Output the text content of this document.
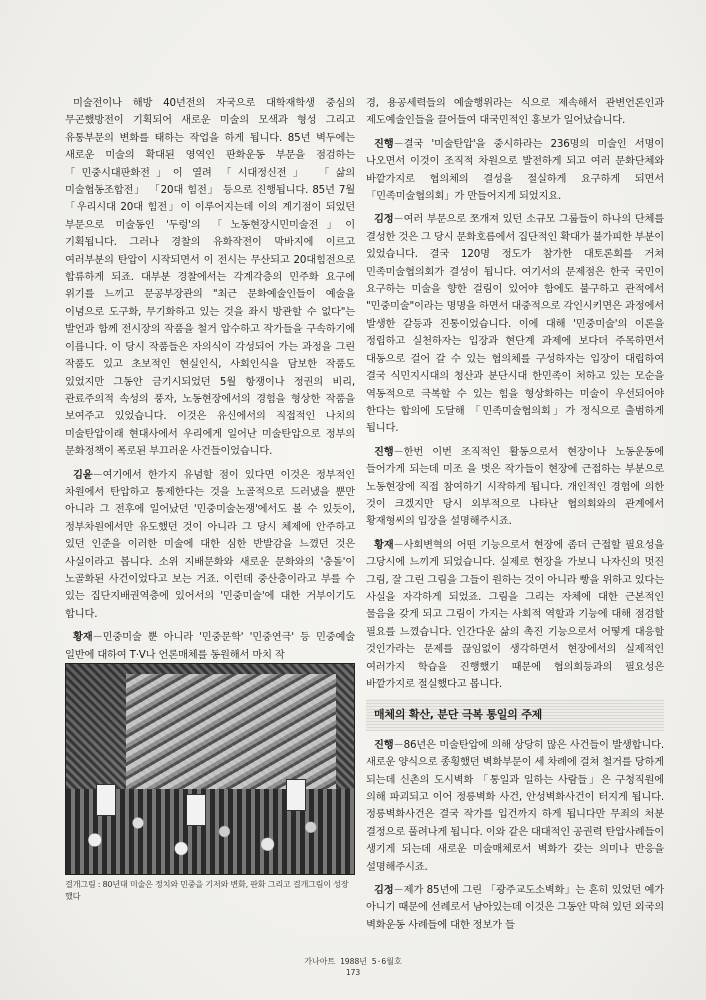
미술전이나 해방 40년전의 자국으로 대학재학생 중심의 무곤했방전이 기획되어 새로운 미술의 모색과 형성 그리고 유통부문의 변화를 태하는 작업을 하게 됩니다. 85년 벽두에는 새로운 미술의 확대된 영역인 판화운동 부문을 점검하는 「민중시대판화전」이 열려 「시대정신전」 「삶의 미술협동조합전」 「20대 힘전」 등으로 진행됩니다. 85년 7월 「우리시대 20대 힘전」이 이루어지는데 이의 계기점이 되었던 부문으로 미술동인 '두렁'의 「노동현장시민미술전」이 기획됩니다. 그러나 경찰의 유화작전이 막바지에 이르고 여러부분의 탄압이 시작되면서 이 전시는 무산되고 20대힘전으로 합류하게 되죠. 대부분 경찰에서는 각계각층의 민주화 요구에 위기를 느끼고 문공부장관의 "최근 문화예술인들이 예술을 이념으로 도구화, 무기화하고 있는 것을 좌시 방관할 수 없다"는 발언과 함께 전시장의 작품을 철거 압수하고 작가들을 구속하기에 이릅니다. 이 당시 작품들은 자의식이 각성되어 가는 과정을 그린 작품도 있고 초보적인 현실인식, 사회인식을 담보한 작품도 있었지만 그동안 금기시되었던 5월 항쟁이나 정권의 비리, 관료주의적 속성의 풍자, 노동현장에서의 경험을 형상한 작품을 보여주고 있었습니다. 이것은 유신에서의 직접적인 나치의 미술탄압이래 현대사에서 우리에게 일어난 미술탄압으로 정부의 문화정책이 폭로된 부끄러운 사건들이었습니다.

김윤－여기에서 한가지 유념할 점이 있다면 이것은 정부적인 차원에서 탄압하고 통제한다는 것을 노골적으로 드러냈을 뿐만 아니라 그 전후에 일어났던 '민중미술논쟁'에서도 볼 수 있듯이, 정부차원에서만 유도했던 것이 아니라 그 당시 체제에 안주하고 있던 인준을 이러한 미술에 대한 심한 반발감을 느꼈던 것은 사실이라고 봅니다. 소위 지배문화와 새로운 문화와의 '충돌'이 노골화된 사건이었다고 보는 거죠. 이런데 중산층이라고 부를 수 있는 집단지배권역층에 있어서의 '민중미술'에 대한 거부이기도 합니다.

황재－민중미술 뿐 아니라 '민중문학' '민중연극' 등 민중예술 일반에 대하여 T·V나 언론매체를 동원해서 마치 작

걸개그림 : 80년대 미술은 정치와 민중을 기저와 변화, 판화 그리고 걸개그림이 성장했다

경, 용공세력들의 예술행위라는 식으로 제속해서 관변언론인과 제도예술인들을 끌어들여 대국민적인 홍보가 일어났습니다.

진행－결국 '미술탄압'을 중시하라는 236명의 미술인 서명이 나오면서 이것이 조직적 차원으로 발전하게 되고 여러 문화단체와 바깥가지로 협의체의 결성을 절실하게 요구하게 되면서 「민족미술협의회」가 만들어지게 되었지요.

김정－여러 부문으로 쪼개져 있던 소규모 그룹들이 하나의 단체를 결성한 것은 그 당시 문화호름에서 집단적인 확대가 불가피한 부분이 있었습니다. 결국 120명 정도가 참가한 대토론회를 거쳐 민족미술협의회가 결성이 됩니다. 여기서의 문제점은 한국 국민이 요구하는 미술을 향한 걸림이 있어야 함에도 불구하고 관적에서 "민중미술"이라는 명명을 하면서 대중적으로 각인시키면은 과정에서 발생한 갈등과 진통이었습니다. 이에 대해 '민중미술'의 이론을 정립하고 실천하자는 입장과 현단계 과제에 보다더 주목하면서 대동으로 걸어 갈 수 있는 협의체를 구성하자는 입장이 대립하여 결국 식민지시대의 청산과 분단시대 한민족이 처하고 있는 모순을 역동적으로 극복할 수 있는 힘을 형상화하는 미술이 우선되어야 한다는 합의에 도달해 「민족미술협의회」가 정식으로 출범하게 됩니다.

진행－한번 이번 조직적인 활동으로서 현장이나 노동운동에 들어가게 되는데 미조 을 벗은 작가들이 현장에 근접하는 부분으로 노동현장에 직접 참여하기 시작하게 됩니다. 개인적인 경험에 의한 것이 크겠지만 당시 외부적으로 나타난 협의회와의 관계에서 황재형씨의 입장을 설명해주시죠.

황재－사회변혁의 어떤 기능으로서 현장에 좀더 근접할 필요성을 그당시에 느끼게 되었습니다. 실제로 현장을 가보니 나자신의 멋진 그림, 잘 그린 그림을 그들이 원하는 것이 아니라 빵을 위하고 있다는 사실을 자각하게 되었죠. 그림을 그리는 자체에 대한 근본적인 물음을 갖게 되고 그림이 가지는 사회적 역할과 기능에 대해 점검할 필요를 느꼈습니다. 인간다운 삶의 촉진 기능으로서 어떻게 대응할 것인가라는 문제를 끊임없이 생각하면서 현장에서의 실제적인 여러가지 학습을 진행했기 때문에 협의회등과의 필요성은 바깥가지로 절실했다고 봅니다.

매체의 확산, 분단 극복 통일의 주제

진행－86년은 미술탄압에 의해 상당히 많은 사건들이 발생합니다. 새로운 양식으로 종횡했던 벽화부문이 세 차례에 걸쳐 철거를 당하게 되는데 신촌의 도시벽화 「통일과 일하는 사람들」은 구청직원에 의해 파괴되고 이어 정릉벽화 사건, 안성벽화사건이 터지게 됩니다. 정릉벽화사건은 결국 작가를 입건까지 하게 됩니다만 무죄의 처분 결정으로 풀려나게 됩니다. 이와 같은 대대적인 공권력 탄압사례들이 생기게 되는데 새로운 미술매체로서 벽화가 갖는 의미나 반응을 설명해주시죠.

김정－제가 85년에 그린 「광주교도소벽화」는 흔히 있었던 예가 아니기 때문에 선례로서 남아있는데 이것은 그동안 막혀 있던 외국의 벽화운동 사례들에 대한 정보가 들

가나아트 1988년 5·6월호
173
